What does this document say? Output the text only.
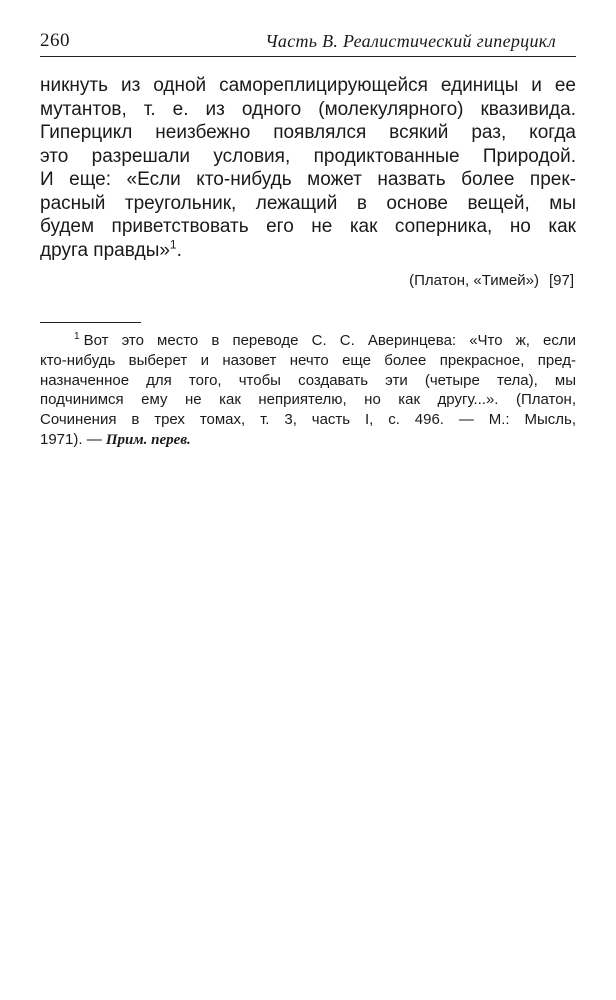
260	Часть В. Реалистический гиперцикл
никнуть из одной самореплицирующейся единицы и ее
мутантов, т. е. из одного (молекулярного) квазивида.
Гиперцикл неизбежно появлялся всякий раз, когда
это разрешали условия, продиктованные Природой.
И еще: «Если кто-нибудь может назвать более прек-
расный треугольник, лежащий в основе вещей, мы
будем приветствовать его не как соперника, но как
друга правды»$^1$.
(Платон, «Тимей») [97]
$^1$ Вот это место в переводе С. С. Аверинцева: «Что ж, если
кто-нибудь выберет и назовет нечто еще более прекрасное, пред-
назначенное для того, чтобы создавать эти (четыре тела), мы
подчинимся ему не как неприятелю, но как другу...». (Платон,
Сочинения в трех томах, т. 3, часть I, с. 496. — М.: Мысль,
1971). — Прим. перев.
